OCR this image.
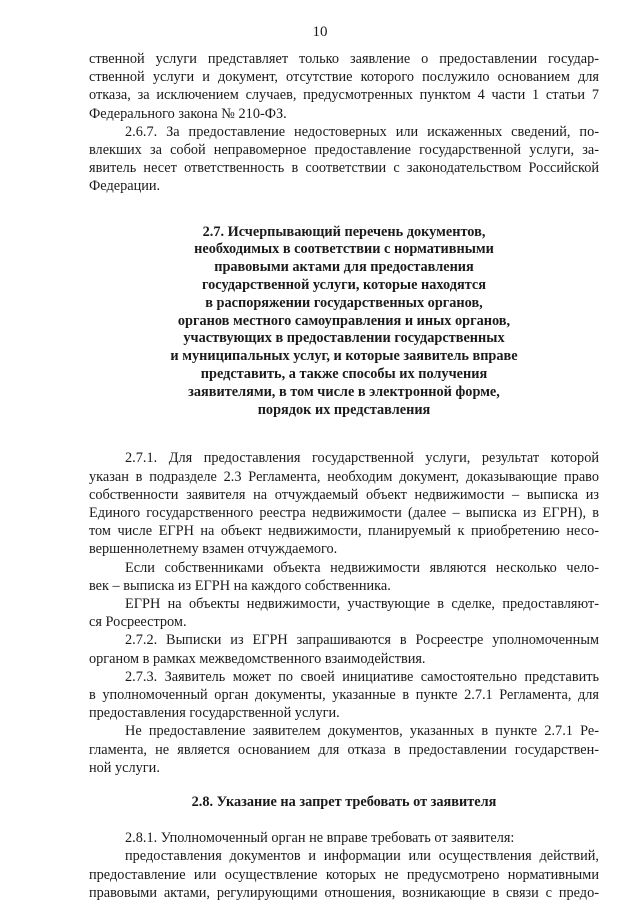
10
ственной услуги представляет только заявление о предоставлении государ-
ственной услуги и документ, отсутствие которого послужило основанием для
отказа, за исключением случаев, предусмотренных пунктом 4 части 1 статьи 7
Федерального закона № 210-ФЗ.
2.6.7. За предоставление недостоверных или искаженных сведений, по-
влекших за собой неправомерное предоставление государственной услуги, за-
явитель несет ответственность в соответствии с законодательством Российской
Федерации.
2.7. Исчерпывающий перечень документов,
необходимых в соответствии с нормативными
правовыми актами для предоставления
государственной услуги, которые находятся
в распоряжении государственных органов,
органов местного самоуправления и иных органов,
участвующих в предоставлении государственных
и муниципальных услуг, и которые заявитель вправе
представить, а также способы их получения
заявителями, в том числе в электронной форме,
порядок их представления
2.7.1. Для предоставления государственной услуги, результат которой
указан в подразделе 2.3 Регламента, необходим документ, доказывающие право
собственности заявителя на отчуждаемый объект недвижимости – выписка из
Единого государственного реестра недвижимости (далее – выписка из ЕГРН), в
том числе ЕГРН на объект недвижимости, планируемый к приобретению несо-
вершеннолетнему взамен отчуждаемого.
Если собственниками объекта недвижимости являются несколько чело-
век – выписка из ЕГРН на каждого собственника.
ЕГРН на объекты недвижимости, участвующие в сделке, предоставляют-
ся Росреестром.
2.7.2. Выписки из ЕГРН запрашиваются в Росреестре уполномоченным
органом в рамках межведомственного взаимодействия.
2.7.3. Заявитель может по своей инициативе самостоятельно представить
в уполномоченный орган документы, указанные в пункте 2.7.1 Регламента, для
предоставления государственной услуги.
Не предоставление заявителем документов, указанных в пункте 2.7.1 Ре-
гламента, не является основанием для отказа в предоставлении государствен-
ной услуги.
2.8. Указание на запрет требовать от заявителя
2.8.1. Уполномоченный орган не вправе требовать от заявителя:
предоставления документов и информации или осуществления действий,
предоставление или осуществление которых не предусмотрено нормативными
правовыми актами, регулирующими отношения, возникающие в связи с предо-
